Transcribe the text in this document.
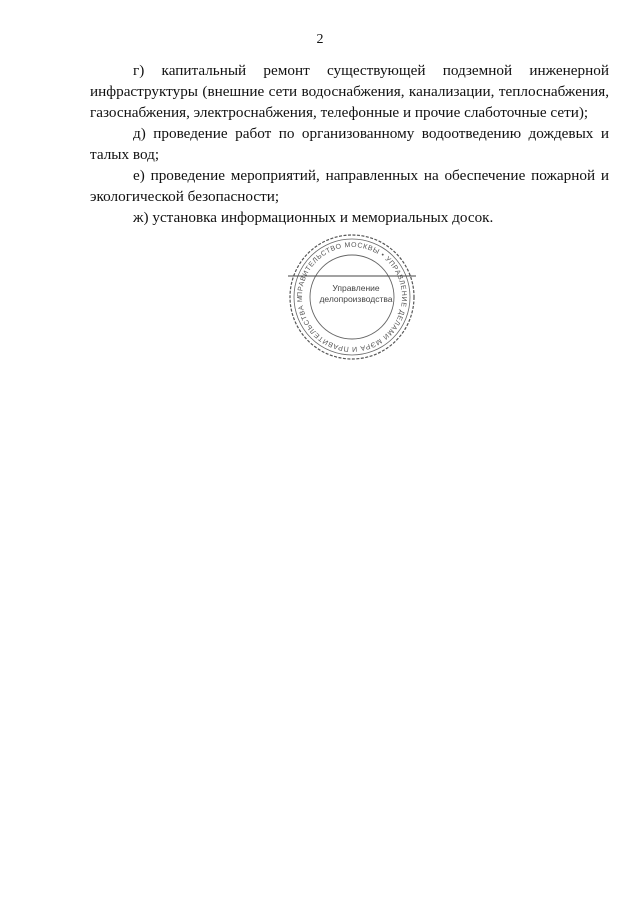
2

г) капитальный ремонт существующей подземной инженерной инфраструктуры (внешние сети водоснабжения, канализации, теплоснабжения, газоснабжения, электроснабжения, телефонные и прочие слаботочные сети);

д) проведение работ по организованному водоотведению дождевых и талых вод;

е) проведение мероприятий, направленных на обеспечение пожарной и экологической безопасности;

ж) установка информационных и мемориальных досок.

ПРАВИТЕЛЬСТВО МОСКВЫ • УПРАВЛЕНИЕ ДЕЛАМИ МЭРА И ПРАВИТЕЛЬСТВА М
Управление
делопроизводства
